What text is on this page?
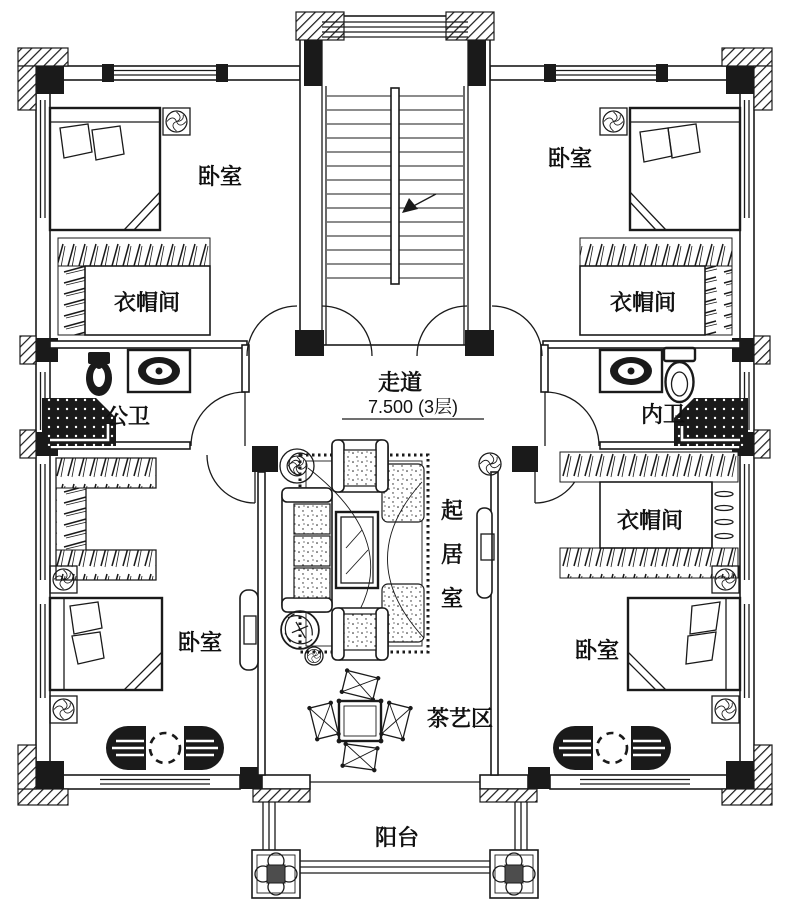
卧室
卧室
衣帽间	衣帽间
公卫	内卫
走道
7.500 (3层)
起
居
室
衣帽间
茶艺区
卧室	卧室
阳台
